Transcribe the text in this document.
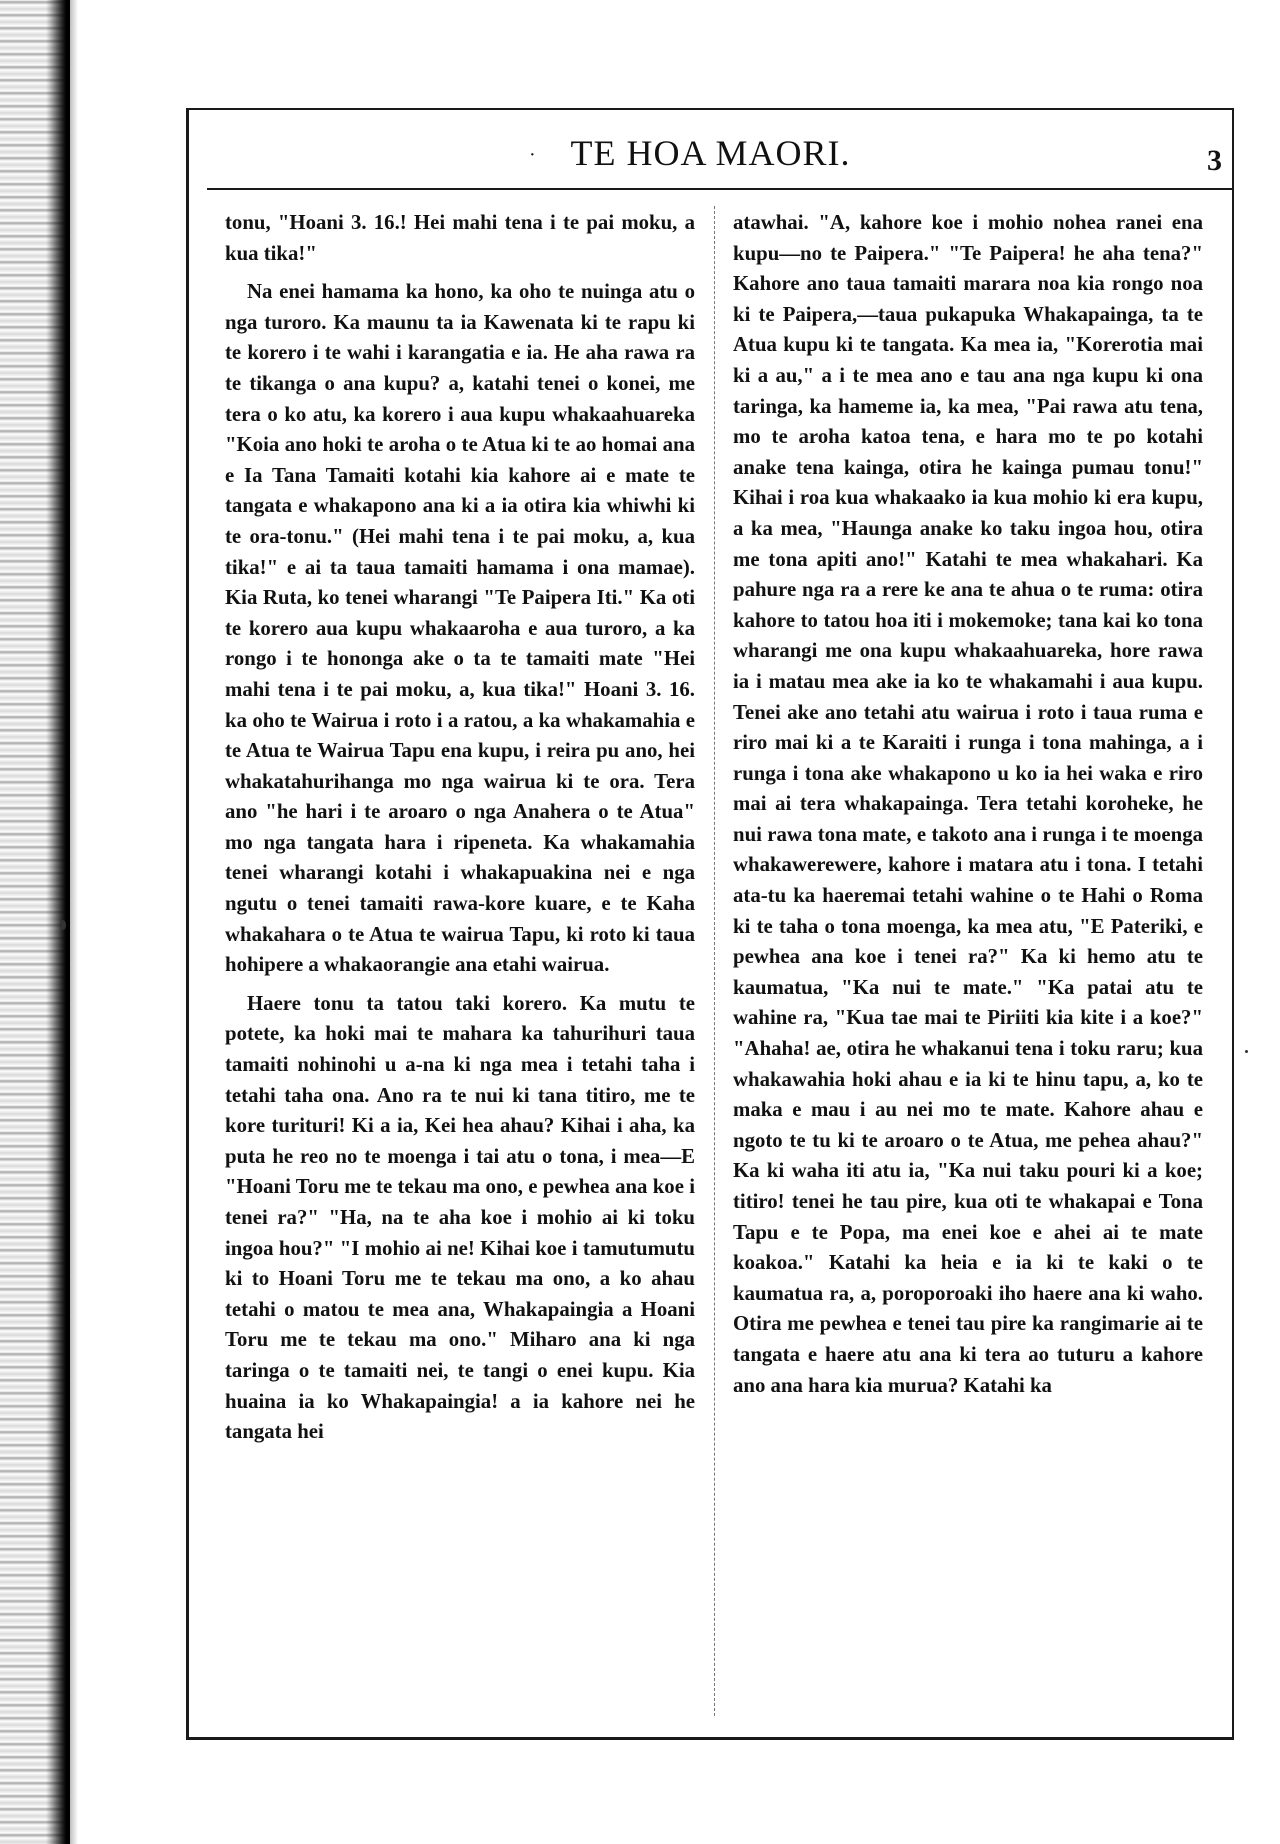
· TE HOA MAORI.	3

tonu, "Hoani 3. 16.! Hei mahi tena i te pai moku, a kua tika!"

Na enei hamama ka hono, ka oho te nuinga atu o nga turoro. Ka maunu ta ia Kawenata ki te rapu ki te korero i te wahi i karangatia e ia. He aha rawa ra te tikanga o ana kupu? a, katahi tenei o konei, me tera o ko atu, ka korero i aua kupu whakaahuareka "Koia ano hoki te aroha o te Atua ki te ao homai ana e Ia Tana Tamaiti kotahi kia kahore ai e mate te tangata e whakapono ana ki a ia otira kia whiwhi ki te ora-tonu." (Hei mahi tena i te pai moku, a, kua tika!" e ai ta taua tamaiti hamama i ona mamae). Kia Ruta, ko tenei wharangi "Te Paipera Iti." Ka oti te korero aua kupu whakaaroha e aua turoro, a ka rongo i te hononga ake o ta te tamaiti mate "Hei mahi tena i te pai moku, a, kua tika!" Hoani 3. 16. ka oho te Wairua i roto i a ratou, a ka whakamahia e te Atua te Wairua Tapu ena kupu, i reira pu ano, hei whakatahurihanga mo nga wairua ki te ora. Tera ano "he hari i te aroaro o nga Anahera o te Atua" mo nga tangata hara i ripeneta. Ka whakamahia tenei wharangi kotahi i whakapuakina nei e nga ngutu o tenei tamaiti rawa-kore kuare, e te Kaha whakahara o te Atua te wairua Tapu, ki roto ki taua hohipere a whakaorangie ana etahi wairua.

Haere tonu ta tatou taki korero. Ka mutu te potete, ka hoki mai te mahara ka tahurihuri taua tamaiti nohinohi u a-na ki nga mea i tetahi taha i tetahi taha ona. Ano ra te nui ki tana titiro, me te kore turituri! Ki a ia, Kei hea ahau? Kihai i aha, ka puta he reo no te moenga i tai atu o tona, i mea—E "Hoani Toru me te tekau ma ono, e pewhea ana koe i tenei ra?" "Ha, na te aha koe i mohio ai ki toku ingoa hou?" "I mohio ai ne! Kihai koe i tamutumutu ki to Hoani Toru me te tekau ma ono, a ko ahau tetahi o matou te mea ana, Whakapaingia a Hoani Toru me te tekau ma ono." Miharo ana ki nga taringa o te tamaiti nei, te tangi o enei kupu. Kia huaina ia ko Whakapaingia! a ia kahore nei he tangata hei

atawhai. "A, kahore koe i mohio nohea ranei ena kupu—no te Paipera." "Te Paipera! he aha tena?" Kahore ano taua tamaiti marara noa kia rongo noa ki te Paipera,—taua pukapuka Whakapainga, ta te Atua kupu ki te tangata. Ka mea ia, "Korerotia mai ki a au," a i te mea ano e tau ana nga kupu ki ona taringa, ka hameme ia, ka mea, "Pai rawa atu tena, mo te aroha katoa tena, e hara mo te po kotahi anake tena kainga, otira he kainga pumau tonu!" Kihai i roa kua whakaako ia kua mohio ki era kupu, a ka mea, "Haunga anake ko taku ingoa hou, otira me tona apiti ano!" Katahi te mea whakahari. Ka pahure nga ra a rere ke ana te ahua o te ruma: otira kahore to tatou hoa iti i mokemoke; tana kai ko tona wharangi me ona kupu whakaahuareka, hore rawa ia i matau mea ake ia ko te whakamahi i aua kupu. Tenei ake ano tetahi atu wairua i roto i taua ruma e riro mai ki a te Karaiti i runga i tona mahinga, a i runga i tona ake whakapono u ko ia hei waka e riro mai ai tera whakapainga. Tera tetahi koroheke, he nui rawa tona mate, e takoto ana i runga i te moenga whakawerewere, kahore i matara atu i tona. I tetahi ata-tu ka haeremai tetahi wahine o te Hahi o Roma ki te taha o tona moenga, ka mea atu, "E Pateriki, e pewhea ana koe i tenei ra?" Ka ki hemo atu te kaumatua, "Ka nui te mate." "Ka patai atu te wahine ra, "Kua tae mai te Piriiti kia kite i a koe?" "Ahaha! ae, otira he whakanui tena i toku raru; kua whakawahia hoki ahau e ia ki te hinu tapu, a, ko te maka e mau i au nei mo te mate. Kahore ahau e ngoto te tu ki te aroaro o te Atua, me pehea ahau?" Ka ki waha iti atu ia, "Ka nui taku pouri ki a koe; titiro! tenei he tau pire, kua oti te whakapai e Tona Tapu e te Popa, ma enei koe e ahei ai te mate koakoa." Katahi ka heia e ia ki te kaki o te kaumatua ra, a, poroporoaki iho haere ana ki waho. Otira me pewhea e tenei tau pire ka rangimarie ai te tangata e haere atu ana ki tera ao tuturu a kahore ano ana hara kia murua? Katahi ka
